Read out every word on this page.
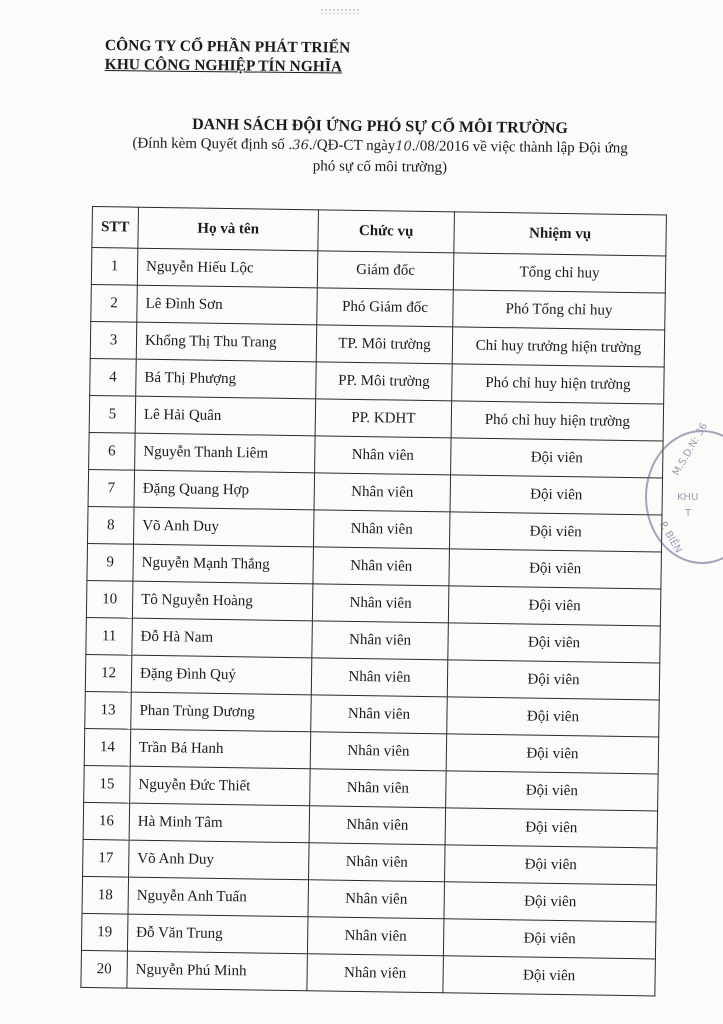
CÔNG TY CỔ PHẦN PHÁT TRIỂN
KHU CÔNG NGHIỆP TÍN NGHĨA
DANH SÁCH ĐỘI ỨNG PHÓ SỰ CỐ MÔI TRƯỜNG
(Đính kèm Quyết định số .36./QĐ-CT ngày10./08/2016 về việc thành lập Đội ứng
phó sự cố môi trường)
STT	Họ và tên	Chức vụ	Nhiệm vụ
1	Nguyễn Hiếu Lộc	Giám đốc	Tổng chỉ huy
2	Lê Đình Sơn	Phó Giám đốc	Phó Tổng chỉ huy
3	Khổng Thị Thu Trang	TP. Môi trường	Chỉ huy trưởng hiện trường
4	Bá Thị Phượng	PP. Môi trường	Phó chỉ huy hiện trường
5	Lê Hải Quân	PP. KDHT	Phó chỉ huy hiện trường
6	Nguyễn Thanh Liêm	Nhân viên	Đội viên
7	Đặng Quang Hợp	Nhân viên	Đội viên
8	Võ Anh Duy	Nhân viên	Đội viên
9	Nguyễn Mạnh Thắng	Nhân viên	Đội viên
10	Tô Nguyễn Hoàng	Nhân viên	Đội viên
11	Đỗ Hà Nam	Nhân viên	Đội viên
12	Đặng Đình Quý	Nhân viên	Đội viên
13	Phan Trùng Dương	Nhân viên	Đội viên
14	Trần Bá Hanh	Nhân viên	Đội viên
15	Nguyễn Đức Thiết	Nhân viên	Đội viên
16	Hà Minh Tâm	Nhân viên	Đội viên
17	Võ Anh Duy	Nhân viên	Đội viên
18	Nguyễn Anh Tuấn	Nhân viên	Đội viên
19	Đỗ Văn Trung	Nhân viên	Đội viên
20	Nguyễn Phú Minh	Nhân viên	Đội viên
M.S.D.N: 36
KHU
T
P. BIÊN
